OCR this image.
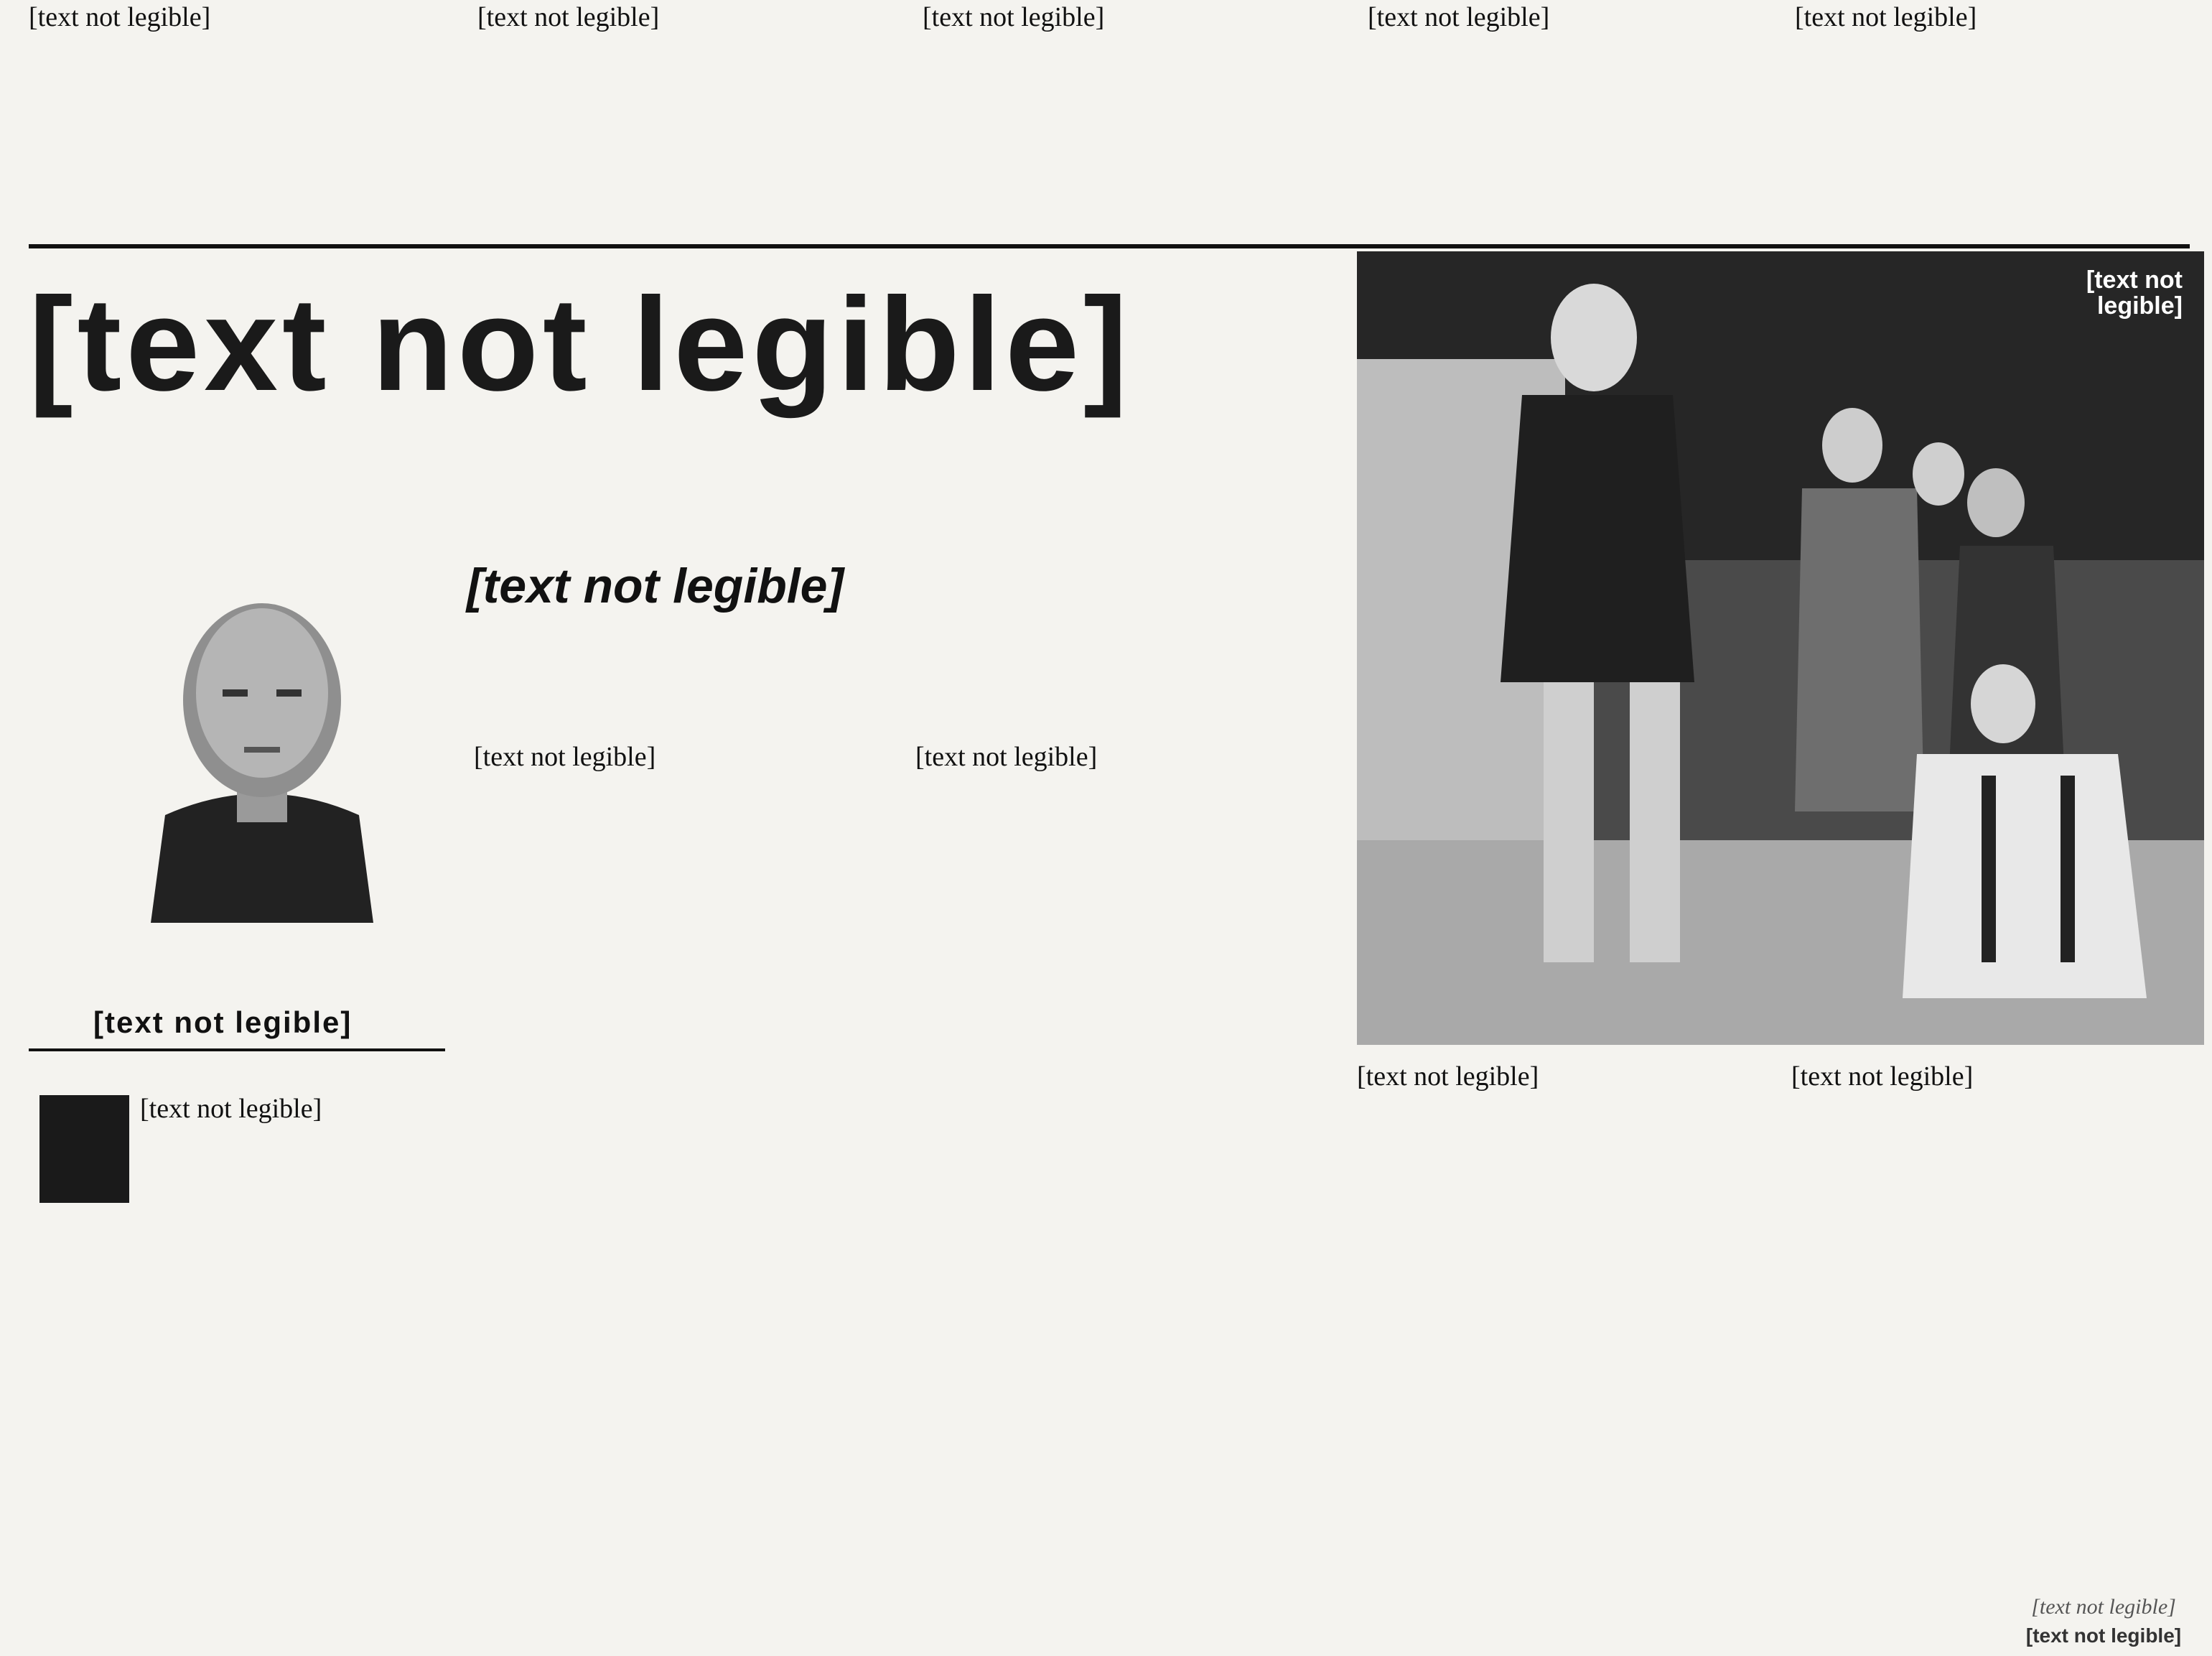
[text not legible]	[text not legible]	[text not legible]	[text not legible]	[text not legible]
[text not legible]	[text not legible]
[text not legible]
[text not legible]
[text not legible]
[text not legible]	[text not legible]
[text not legible]	[text not legible]
[text not legible]
[text not legible]
